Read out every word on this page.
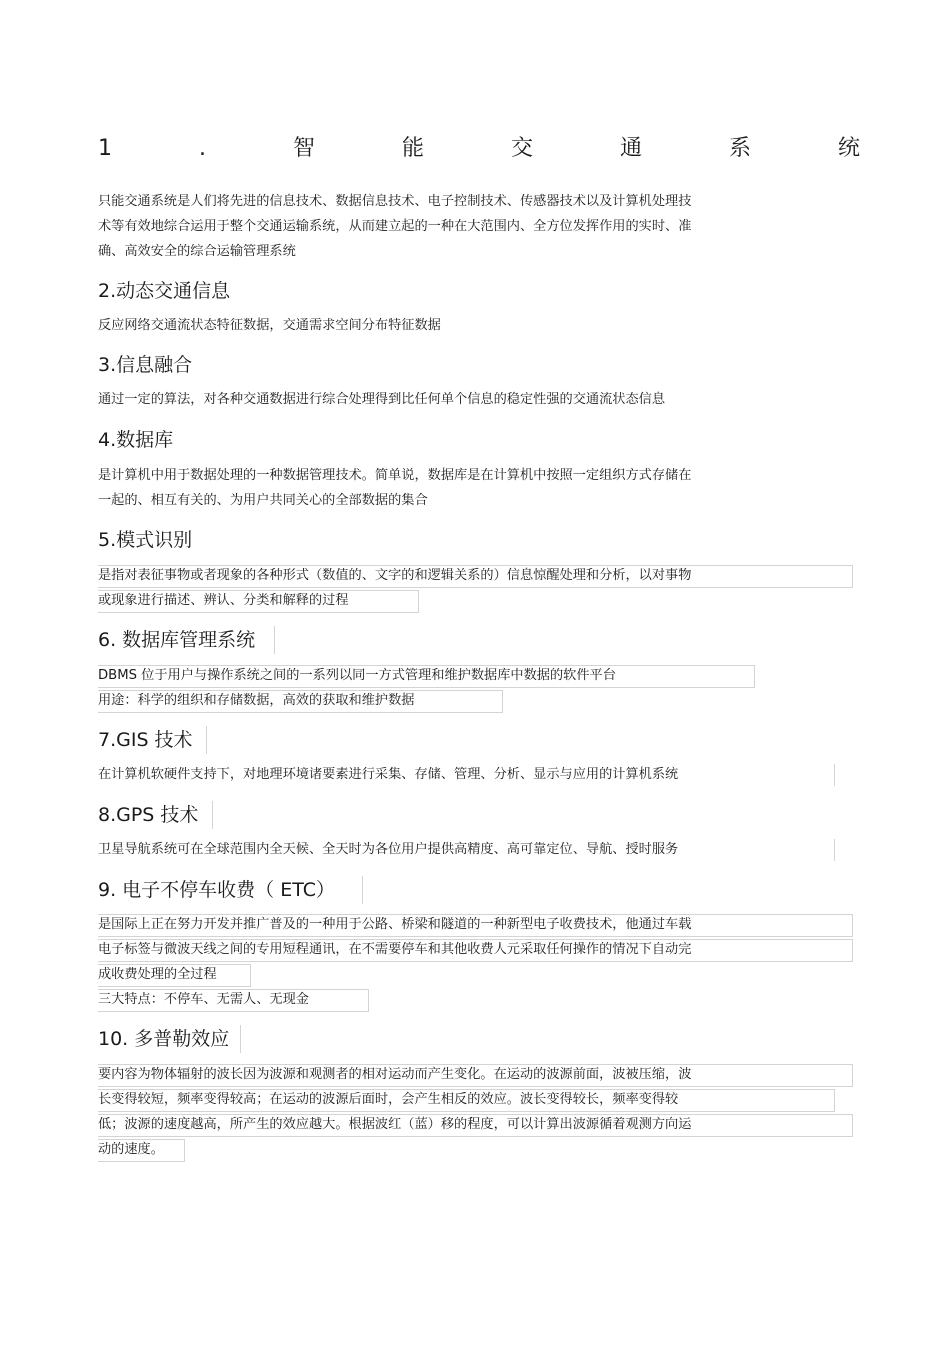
1	.	智	能	交	通	系	统

只能交通系统是人们将先进的信息技术、数据信息技术、电子控制技术、传感器技术以及计算机处理技

术等有效地综合运用于整个交通运输系统，从而建立起的一种在大范围内、全方位发挥作用的实时、准

确、高效安全的综合运输管理系统

2.动态交通信息

反应网络交通流状态特征数据，交通需求空间分布特征数据

3.信息融合

通过一定的算法，对各种交通数据进行综合处理得到比任何单个信息的稳定性强的交通流状态信息

4.数据库

是计算机中用于数据处理的一种数据管理技术。简单说，数据库是在计算机中按照一定组织方式存储在

一起的、相互有关的、为用户共同关心的全部数据的集合

5.模式识别

是指对表征事物或者现象的各种形式（数值的、文字的和逻辑关系的）信息惊醒处理和分析，以对事物

或现象进行描述、辨认、分类和解释的过程

6. 数据库管理系统

DBMS 位于用户与操作系统之间的一系列以同一方式管理和维护数据库中数据的软件平台

用途：科学的组织和存储数据，高效的获取和维护数据

7.GIS 技术

在计算机软硬件支持下，对地理环境诸要素进行采集、存储、管理、分析、显示与应用的计算机系统

8.GPS 技术

卫星导航系统可在全球范围内全天候、全天时为各位用户提供高精度、高可靠定位、导航、授时服务

9. 电子不停车收费（ ETC）

是国际上正在努力开发并推广普及的一种用于公路、桥梁和隧道的一种新型电子收费技术，他通过车载

电子标签与微波天线之间的专用短程通讯，在不需要停车和其他收费人元采取任何操作的情况下自动完

成收费处理的全过程

三大特点：不停车、无需人、无现金

10. 多普勒效应

要内容为物体辐射的波长因为波源和观测者的相对运动而产生变化。在运动的波源前面，波被压缩，波

长变得较短，频率变得较高；在运动的波源后面时，会产生相反的效应。波长变得较长，频率变得较

低；波源的速度越高，所产生的效应越大。根据波红（蓝）移的程度，可以计算出波源循着观测方向运

动的速度。
